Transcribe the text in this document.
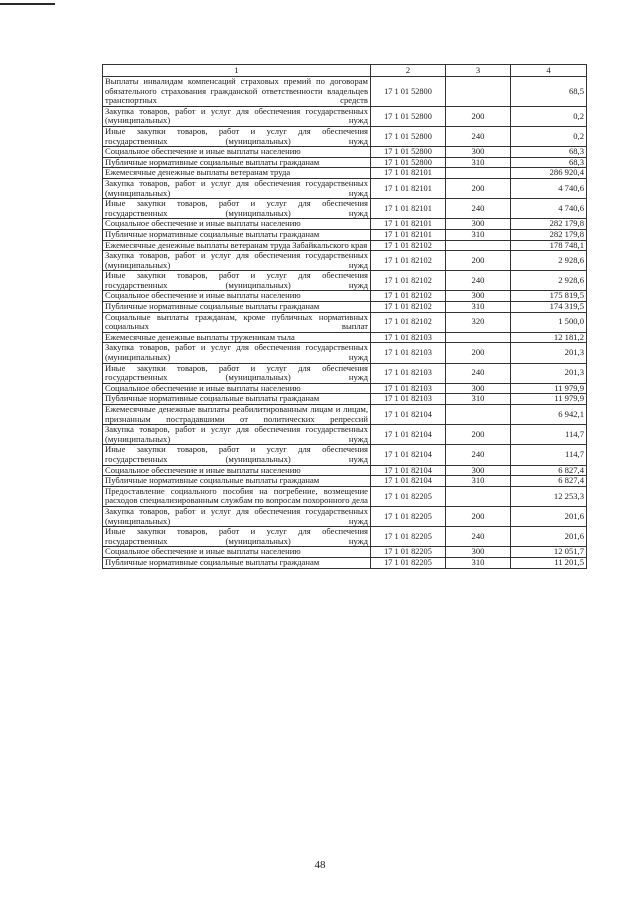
1	2	3	4
Выплаты инвалидам компенсаций страховых премий по договорам обязательного страхования гражданской ответственности владельцев транспортных средств	17 1 01 52800		68,5
Закупка товаров, работ и услуг для обеспечения государственных (муниципальных) нужд	17 1 01 52800	200	0,2
Иные закупки товаров, работ и услуг для обеспечения государственных (муниципальных) нужд	17 1 01 52800	240	0,2
Социальное обеспечение и иные выплаты населению	17 1 01 52800	300	68,3
Публичные нормативные социальные выплаты гражданам	17 1 01 52800	310	68,3
Ежемесячные денежные выплаты ветеранам труда	17 1 01 82101		286 920,4
Закупка товаров, работ и услуг для обеспечения государственных (муниципальных) нужд	17 1 01 82101	200	4 740,6
Иные закупки товаров, работ и услуг для обеспечения государственных (муниципальных) нужд	17 1 01 82101	240	4 740,6
Социальное обеспечение и иные выплаты населению	17 1 01 82101	300	282 179,8
Публичные нормативные социальные выплаты гражданам	17 1 01 82101	310	282 179,8
Ежемесячные денежные выплаты ветеранам труда Забайкальского края	17 1 01 82102		178 748,1
Закупка товаров, работ и услуг для обеспечения государственных (муниципальных) нужд	17 1 01 82102	200	2 928,6
Иные закупки товаров, работ и услуг для обеспечения государственных (муниципальных) нужд	17 1 01 82102	240	2 928,6
Социальное обеспечение и иные выплаты населению	17 1 01 82102	300	175 819,5
Публичные нормативные социальные выплаты гражданам	17 1 01 82102	310	174 319,5
Социальные выплаты гражданам, кроме публичных нормативных социальных выплат	17 1 01 82102	320	1 500,0
Ежемесячные денежные выплаты труженикам тыла	17 1 01 82103		12 181,2
Закупка товаров, работ и услуг для обеспечения государственных (муниципальных) нужд	17 1 01 82103	200	201,3
Иные закупки товаров, работ и услуг для обеспечения государственных (муниципальных) нужд	17 1 01 82103	240	201,3
Социальное обеспечение и иные выплаты населению	17 1 01 82103	300	11 979,9
Публичные нормативные социальные выплаты гражданам	17 1 01 82103	310	11 979,9
Ежемесячные денежные выплаты реабилитированным лицам и лицам, признанным пострадавшими от политических репрессий	17 1 01 82104		6 942,1
Закупка товаров, работ и услуг для обеспечения государственных (муниципальных) нужд	17 1 01 82104	200	114,7
Иные закупки товаров, работ и услуг для обеспечения государственных (муниципальных) нужд	17 1 01 82104	240	114,7
Социальное обеспечение и иные выплаты населению	17 1 01 82104	300	6 827,4
Публичные нормативные социальные выплаты гражданам	17 1 01 82104	310	6 827,4
Предоставление социального пособия на погребение, возмещение расходов специализированным службам по вопросам похоронного дела	17 1 01 82205		12 253,3
Закупка товаров, работ и услуг для обеспечения государственных (муниципальных) нужд	17 1 01 82205	200	201,6
Иные закупки товаров, работ и услуг для обеспечения государственных (муниципальных) нужд	17 1 01 82205	240	201,6
Социальное обеспечение и иные выплаты населению	17 1 01 82205	300	12 051,7
Публичные нормативные социальные выплаты гражданам	17 1 01 82205	310	11 201,5
48
